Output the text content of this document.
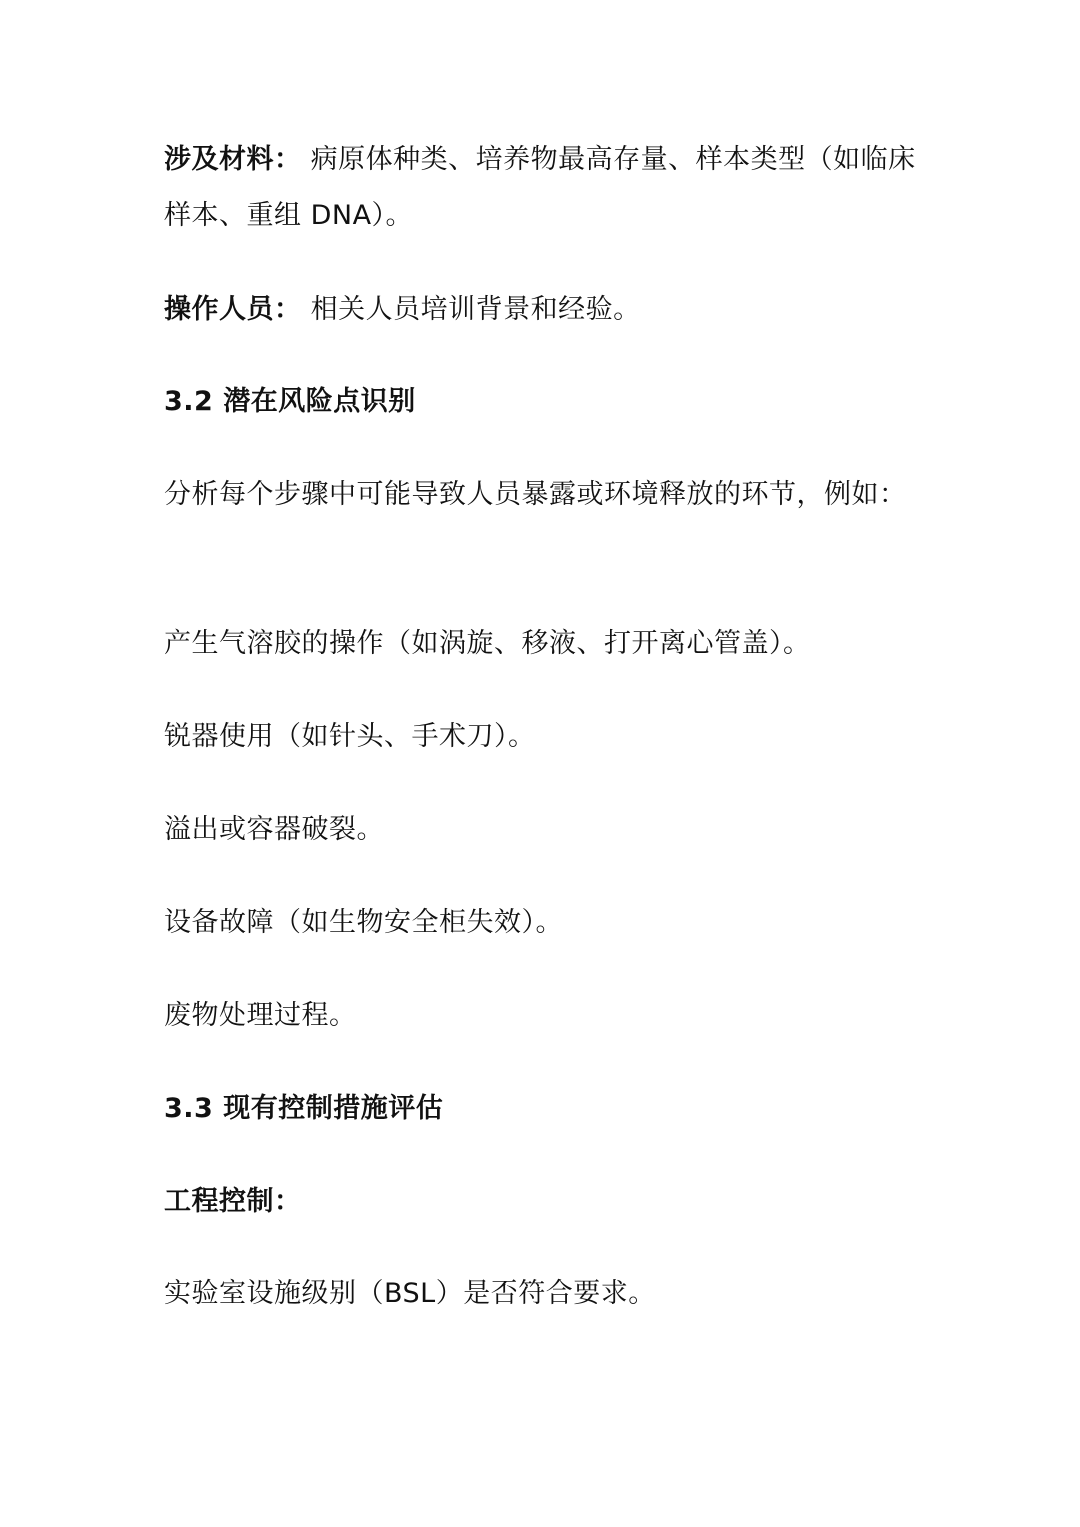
涉及材料： 病原体种类、培养物最高存量、样本类型（如临床样本、重组 DNA）。

操作人员： 相关人员培训背景和经验。

3.2 潜在风险点识别

分析每个步骤中可能导致人员暴露或环境释放的环节，例如：

产生气溶胶的操作（如涡旋、移液、打开离心管盖）。

锐器使用（如针头、手术刀）。

溢出或容器破裂。

设备故障（如生物安全柜失效）。

废物处理过程。

3.3 现有控制措施评估

工程控制：

实验室设施级别（BSL）是否符合要求。
